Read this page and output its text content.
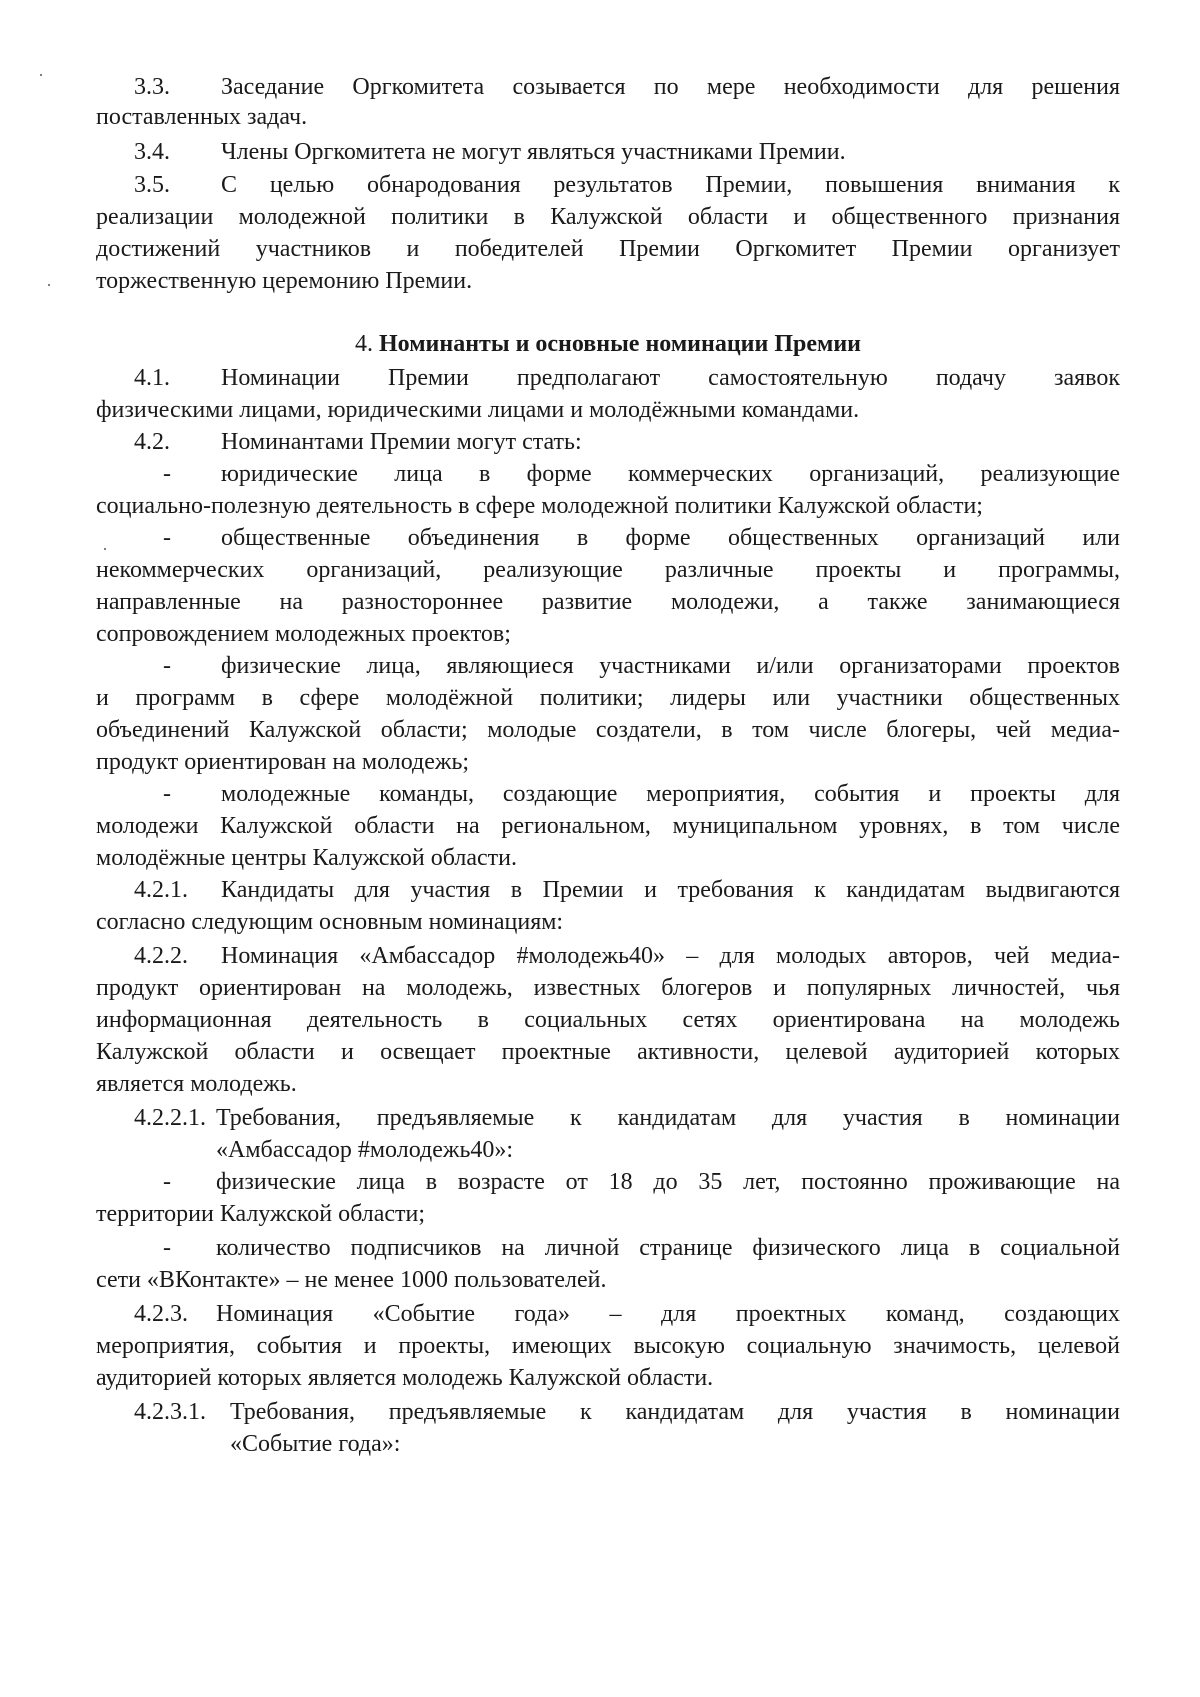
3.3. Заседание Оргкомитета созывается по мере необходимости для решения
поставленных задач.
3.4. Члены Оргкомитета не могут являться участниками Премии.
3.5. С целью обнародования результатов Премии, повышения внимания к
реализации молодежной политики в Калужской области и общественного признания
достижений участников и победителей Премии Оргкомитет Премии организует
торжественную церемонию Премии.
4. Номинанты и основные номинации Премии
4.1. Номинации Премии предполагают самостоятельную подачу заявок
физическими лицами, юридическими лицами и молодёжными командами.
4.2. Номинантами Премии могут стать:
- юридические лица в форме коммерческих организаций, реализующие
социально-полезную деятельность в сфере молодежной политики Калужской области;
- общественные объединения в форме общественных организаций или
некоммерческих организаций, реализующие различные проекты и программы,
направленные на разностороннее развитие молодежи, а также занимающиеся
сопровождением молодежных проектов;
- физические лица, являющиеся участниками и/или организаторами проектов
и программ в сфере молодёжной политики; лидеры или участники общественных
объединений Калужской области; молодые создатели, в том числе блогеры, чей медиа-
продукт ориентирован на молодежь;
- молодежные команды, создающие мероприятия, события и проекты для
молодежи Калужской области на региональном, муниципальном уровнях, в том числе
молодёжные центры Калужской области.
4.2.1. Кандидаты для участия в Премии и требования к кандидатам выдвигаются
согласно следующим основным номинациям:
4.2.2. Номинация «Амбассадор #молодежь40» – для молодых авторов, чей медиа-
продукт ориентирован на молодежь, известных блогеров и популярных личностей, чья
информационная деятельность в социальных сетях ориентирована на молодежь
Калужской области и освещает проектные активности, целевой аудиторией которых
является молодежь.
4.2.2.1. Требования, предъявляемые к кандидатам для участия в номинации
«Амбассадор #молодежь40»:
- физические лица в возрасте от 18 до 35 лет, постоянно проживающие на
территории Калужской области;
- количество подписчиков на личной странице физического лица в социальной
сети «ВКонтакте» – не менее 1000 пользователей.
4.2.3. Номинация «Событие года» – для проектных команд, создающих
мероприятия, события и проекты, имеющих высокую социальную значимость, целевой
аудиторией которых является молодежь Калужской области.
4.2.3.1. Требования, предъявляемые к кандидатам для участия в номинации
«Событие года»:
